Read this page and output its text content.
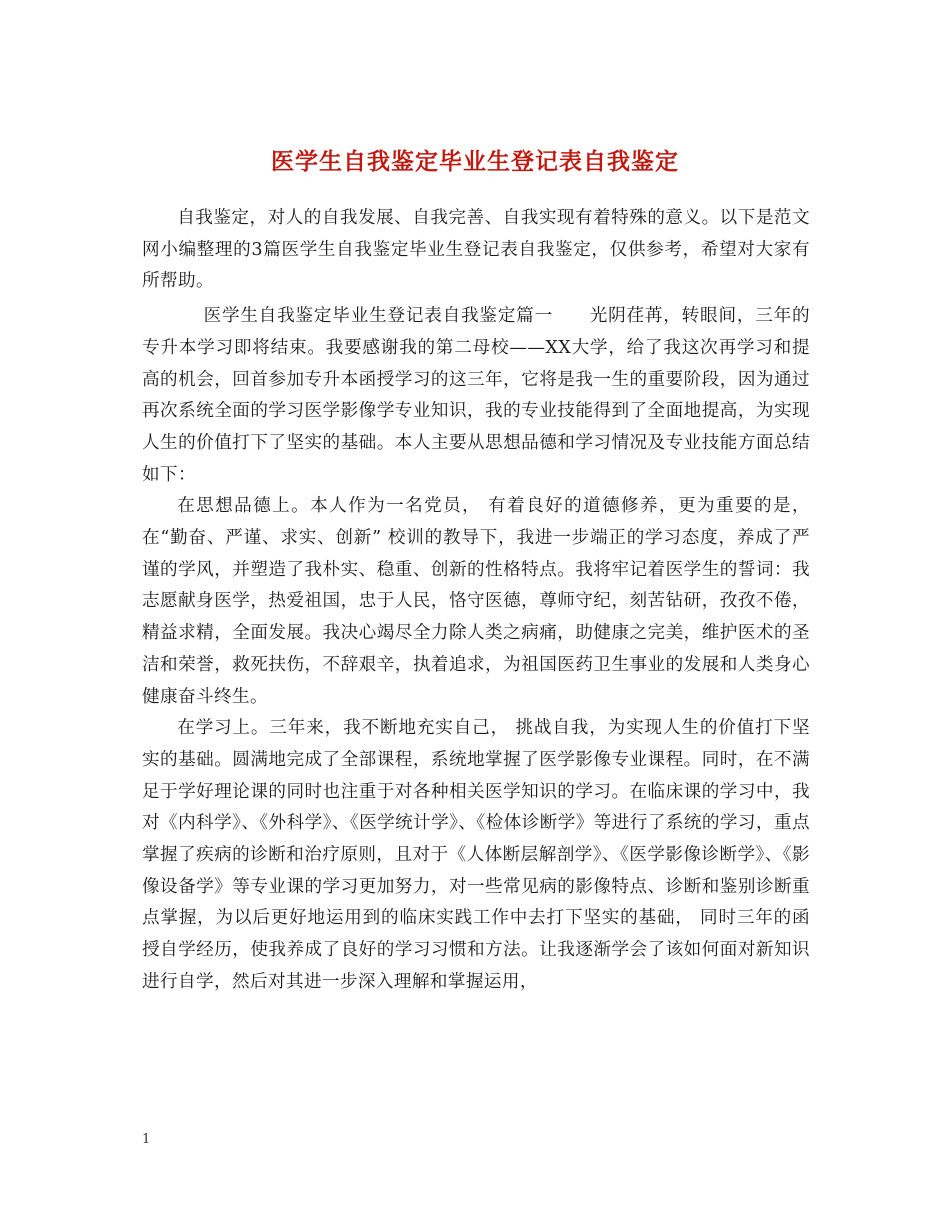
医学生自我鉴定毕业生登记表自我鉴定

自我鉴定，对人的自我发展、自我完善、自我实现有着特殊的意义。以下是范文网小编整理的3篇医学生自我鉴定毕业生登记表自我鉴定，仅供参考，希望对大家有所帮助。

医学生自我鉴定毕业生登记表自我鉴定篇一　　光阴荏苒，转眼间，三年的专升本学习即将结束。我要感谢我的第二母校——XX大学，给了我这次再学习和提高的机会，回首参加专升本函授学习的这三年，它将是我一生的重要阶段，因为通过再次系统全面的学习医学影像学专业知识，我的专业技能得到了全面地提高，为实现人生的价值打下了坚实的基础。本人主要从思想品德和学习情况及专业技能方面总结如下：

在思想品德上。本人作为一名党员， 有着良好的道德修养，更为重要的是，在“勤奋、严谨、求实、创新” 校训的教导下，我进一步端正的学习态度，养成了严谨的学风，并塑造了我朴实、稳重、创新的性格特点。我将牢记着医学生的誓词：我志愿献身医学，热爱祖国，忠于人民，恪守医德，尊师守纪，刻苦钻研，孜孜不倦，精益求精，全面发展。我决心竭尽全力除人类之病痛，助健康之完美，维护医术的圣洁和荣誉，救死扶伤，不辞艰辛，执着追求，为祖国医药卫生事业的发展和人类身心健康奋斗终生。

在学习上。三年来，我不断地充实自己， 挑战自我，为实现人生的价值打下坚实的基础。圆满地完成了全部课程，系统地掌握了医学影像专业课程。同时，在不满足于学好理论课的同时也注重于对各种相关医学知识的学习。在临床课的学习中，我对《内科学》、《外科学》、《医学统计学》、《检体诊断学》等进行了系统的学习，重点掌握了疾病的诊断和治疗原则，且对于《人体断层解剖学》、《医学影像诊断学》、《影像设备学》等专业课的学习更加努力，对一些常见病的影像特点、诊断和鉴别诊断重点掌握，为以后更好地运用到的临床实践工作中去打下坚实的基础， 同时三年的函授自学经历，使我养成了良好的学习习惯和方法。让我逐渐学会了该如何面对新知识进行自学，然后对其进一步深入理解和掌握运用，

1
